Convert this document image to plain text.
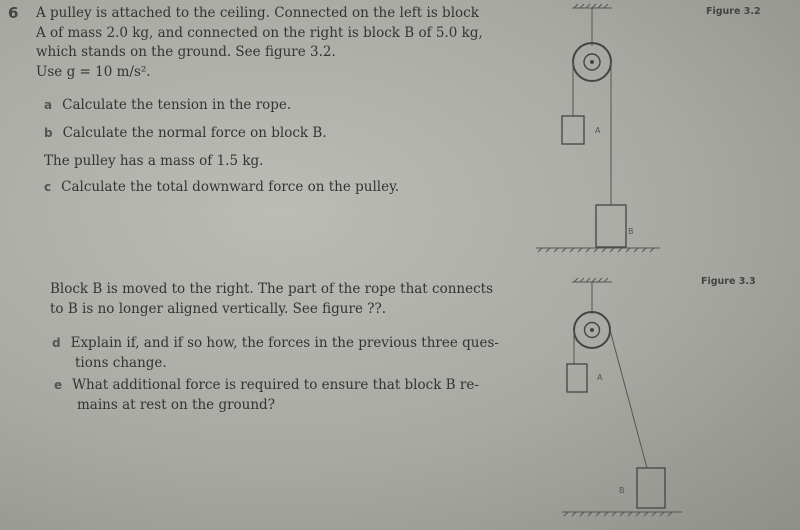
6 A pulley is attached to the ceiling. Connected on the left is block
A of mass 2.0 kg, and connected on the right is block B of 5.0 kg,
which stands on the ground. See figure 3.2.
Use g = 10 m/s².
a Calculate the tension in the rope.
b Calculate the normal force on block B.
The pulley has a mass of 1.5 kg.
c Calculate the total downward force on the pulley.
Block B is moved to the right. The part of the rope that connects
to B is no longer aligned vertically. See figure ??.
d Explain if, and if so how, the forces in the previous three ques-
tions change.
e What additional force is required to ensure that block B re-
mains at rest on the ground?
Figure 3.2
Figure 3.3
A
B
A
B
